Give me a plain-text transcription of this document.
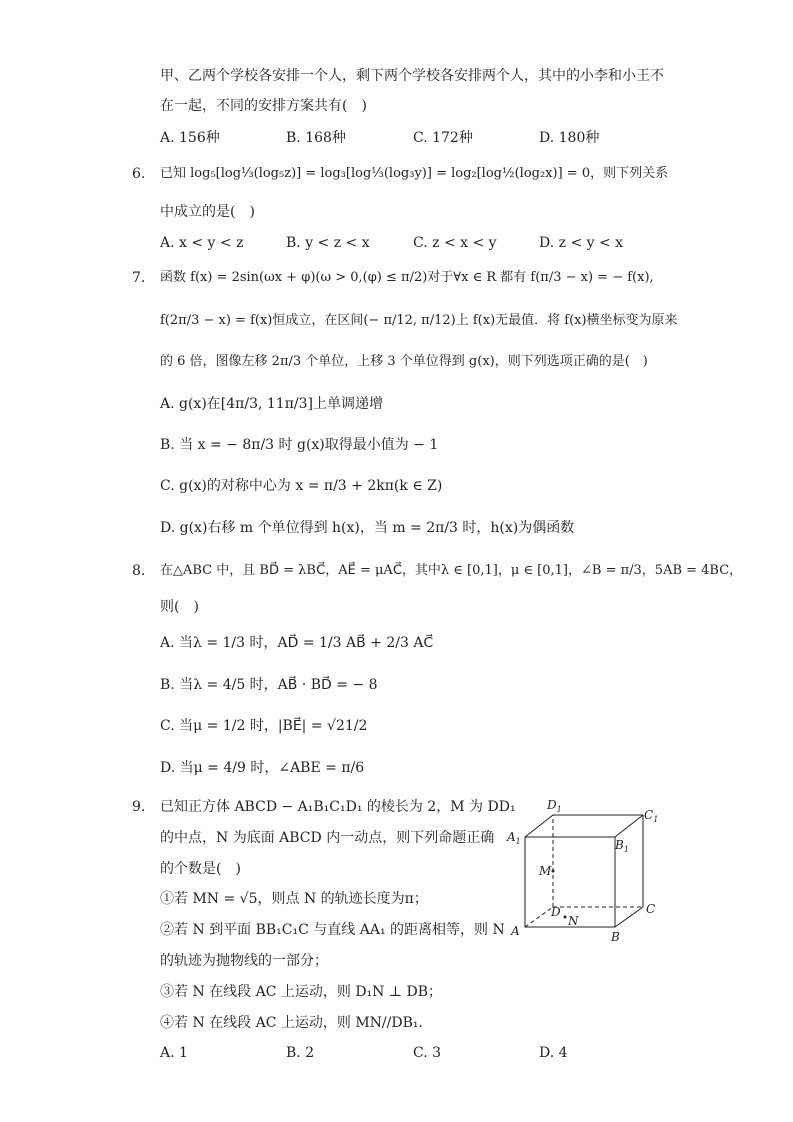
甲、乙两个学校各安排一个人，剩下两个学校各安排两个人，其中的小李和小王不
在一起，不同的安排方案共有(　)
A. 156种	B. 168种	C. 172种	D. 180种
6. 已知 log₅[log⅓(log₅z)] = log₃[log⅓(log₃y)] = log₂[log½(log₂x)] = 0，则下列关系
中成立的是(　)
A. x < y < z	B. y < z < x	C. z < x < y	D. z < y < x
7. 函数 f(x) = 2sin(ωx + φ)(ω > 0,(φ) ≤ π/2)对于∀x ∈ R 都有 f(π/3 − x) = − f(x),
f(2π/3 − x) = f(x)恒成立，在区间(− π/12, π/12)上 f(x)无最值．将 f(x)横坐标变为原来
的 6 倍，图像左移 2π/3 个单位，上移 3 个单位得到 g(x)，则下列选项正确的是(　)
A. g(x)在[4π/3, 11π/3]上单调递增
B. 当 x = − 8π/3 时 g(x)取得最小值为 − 1
C. g(x)的对称中心为 x = π/3 + 2kπ(k ∈ Z)
D. g(x)右移 m 个单位得到 h(x)，当 m = 2π/3 时，h(x)为偶函数
8. 在△ABC 中，且 BD⃗ = λBC⃗，AE⃗ = μAC⃗，其中λ ∈ [0,1]，μ ∈ [0,1]，∠B = π/3，5AB = 4BC，
则(　)
A. 当λ = 1/3 时，AD⃗ = 1/3 AB⃗ + 2/3 AC⃗
B. 当λ = 4/5 时，AB⃗ · BD⃗ = − 8
C. 当μ = 1/2 时，|BE⃗| = √21/2
D. 当μ = 4/9 时，∠ABE = π/6
9. 已知正方体 ABCD − A₁B₁C₁D₁ 的棱长为 2，M 为 DD₁
的中点，N 为底面 ABCD 内一动点，则下列命题正确
的个数是(　)
①若 MN = √5，则点 N 的轨迹长度为π；
②若 N 到平面 BB₁C₁C 与直线 AA₁ 的距离相等，则 N
的轨迹为抛物线的一部分；
③若 N 在线段 AC 上运动，则 D₁N ⊥ DB；
④若 N 在线段 AC 上运动，则 MN//DB₁．
A. 1	B. 2	C. 3	D. 4
$D_1$	$C_1$
$A_1$	$B_1$
M
D
N
C
A	B
